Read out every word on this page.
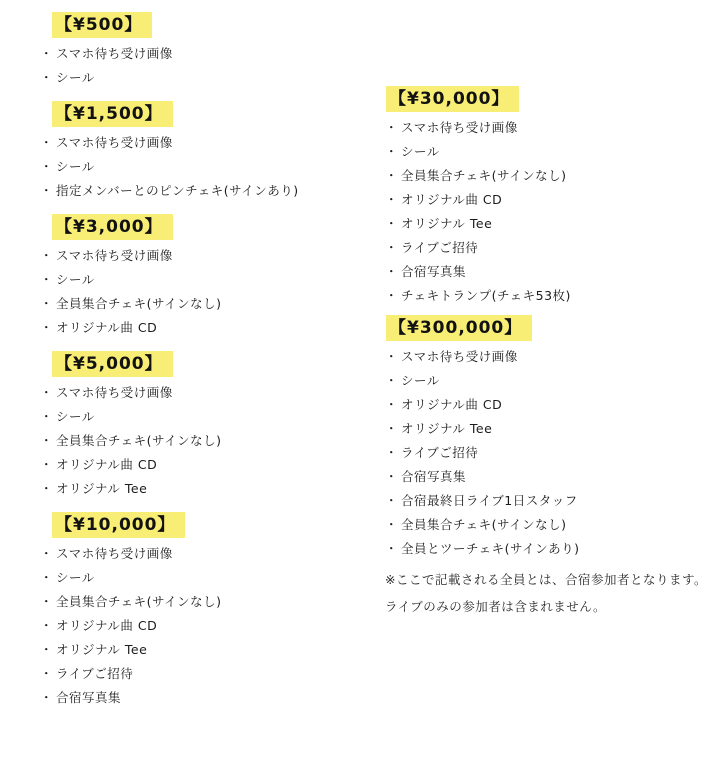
【¥500】
・ スマホ待ち受け画像
・ シール
【¥1,500】
・ スマホ待ち受け画像
・ シール
・ 指定メンバーとのピンチェキ(サインあり)
【¥3,000】
・ スマホ待ち受け画像
・ シール
・ 全員集合チェキ(サインなし)
・ オリジナル曲 CD
【¥5,000】
・ スマホ待ち受け画像
・ シール
・ 全員集合チェキ(サインなし)
・ オリジナル曲 CD
・ オリジナル Tee
【¥10,000】
・ スマホ待ち受け画像
・ シール
・ 全員集合チェキ(サインなし)
・ オリジナル曲 CD
・ オリジナル Tee
・ ライブご招待
・ 合宿写真集
【¥30,000】
・ スマホ待ち受け画像
・ シール
・ 全員集合チェキ(サインなし)
・ オリジナル曲 CD
・ オリジナル Tee
・ ライブご招待
・ 合宿写真集
・ チェキトランプ(チェキ53枚)
【¥300,000】
・ スマホ待ち受け画像
・ シール
・ オリジナル曲 CD
・ オリジナル Tee
・ ライブご招待
・ 合宿写真集
・ 合宿最終日ライブ1日スタッフ
・ 全員集合チェキ(サインなし)
・ 全員とツーチェキ(サインあり)

※ここで記載される全員とは、合宿参加者となります。

ライブのみの参加者は含まれません。
